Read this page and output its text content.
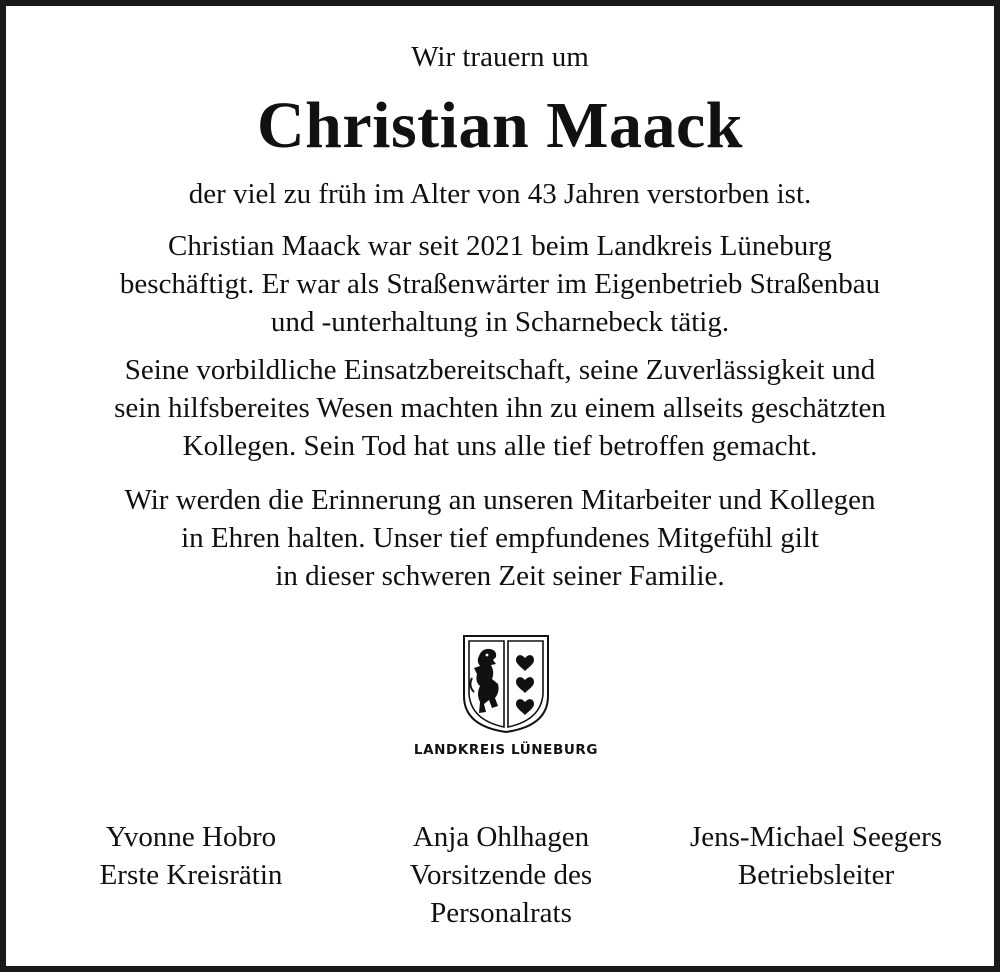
Wir trauern um
Christian Maack
der viel zu früh im Alter von 43 Jahren verstorben ist.
Christian Maack war seit 2021 beim Landkreis Lüneburg
beschäftigt. Er war als Straßenwärter im Eigenbetrieb Straßenbau
und -unterhaltung in Scharnebeck tätig.
Seine vorbildliche Einsatzbereitschaft, seine Zuverlässigkeit und
sein hilfsbereites Wesen machten ihn zu einem allseits geschätzten
Kollegen. Sein Tod hat uns alle tief betroffen gemacht.
Wir werden die Erinnerung an unseren Mitarbeiter und Kollegen
in Ehren halten. Unser tief empfundenes Mitgefühl gilt
in dieser schweren Zeit seiner Familie.
LANDKREIS LÜNEBURG
Yvonne Hobro
Erste Kreisrätin
Anja Ohlhagen
Vorsitzende des
Personalrats
Jens-Michael Seegers
Betriebsleiter
